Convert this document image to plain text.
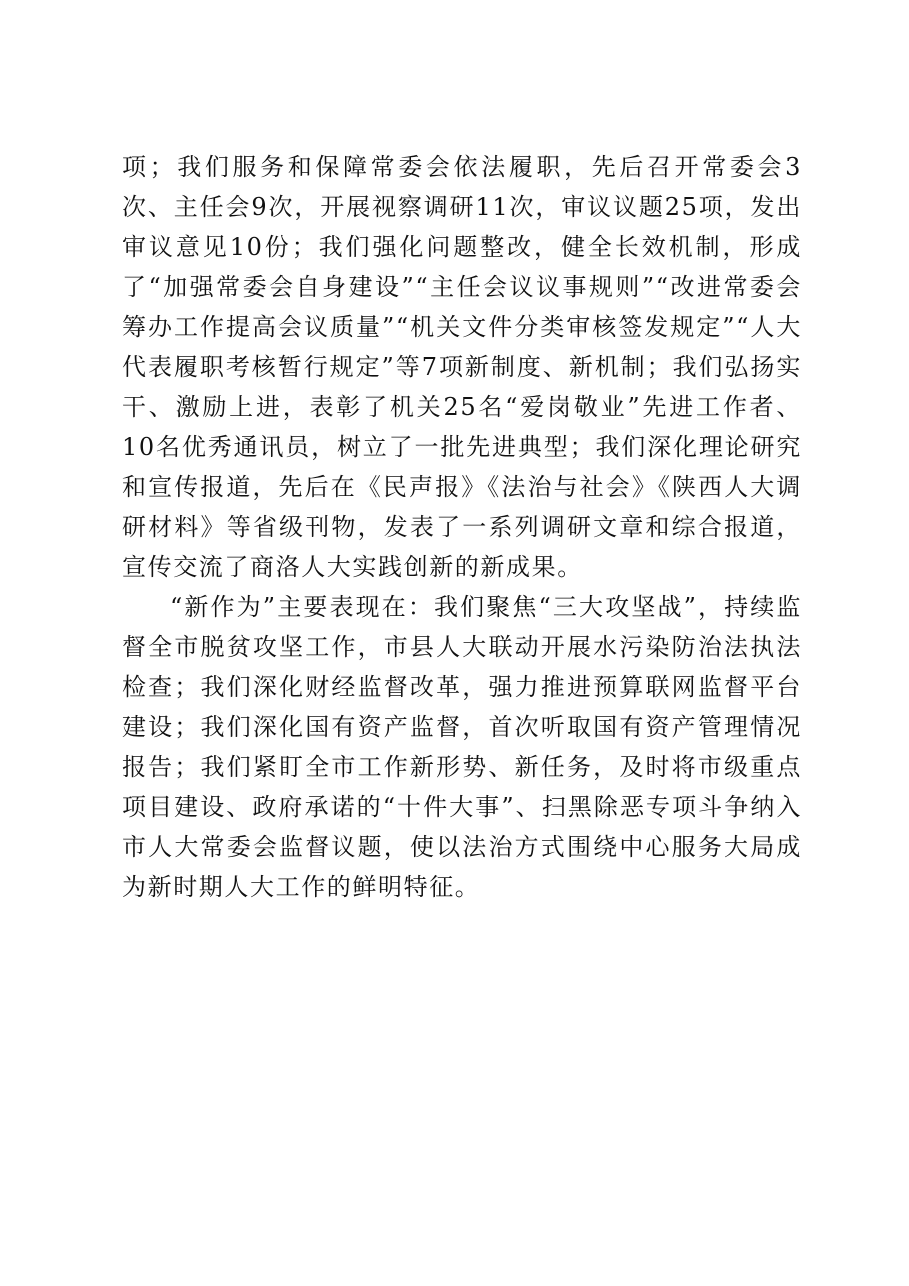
项；我们服务和保障常委会依法履职，先后召开常委会3次、主任会9次，开展视察调研11次，审议议题25项，发出审议意见10份；我们强化问题整改，健全长效机制，形成了“加强常委会自身建设”“主任会议议事规则”“改进常委会筹办工作提高会议质量”“机关文件分类审核签发规定”“人大代表履职考核暂行规定”等7项新制度、新机制；我们弘扬实干、激励上进，表彰了机关25名“爱岗敬业”先进工作者、10名优秀通讯员，树立了一批先进典型；我们深化理论研究和宣传报道，先后在《民声报》《法治与社会》《陕西人大调研材料》等省级刊物，发表了一系列调研文章和综合报道，宣传交流了商洛人大实践创新的新成果。

“新作为”主要表现在：我们聚焦“三大攻坚战”，持续监督全市脱贫攻坚工作，市县人大联动开展水污染防治法执法检查；我们深化财经监督改革，强力推进预算联网监督平台建设；我们深化国有资产监督，首次听取国有资产管理情况报告；我们紧盯全市工作新形势、新任务，及时将市级重点项目建设、政府承诺的“十件大事”、扫黑除恶专项斗争纳入市人大常委会监督议题，使以法治方式围绕中心服务大局成为新时期人大工作的鲜明特征。
